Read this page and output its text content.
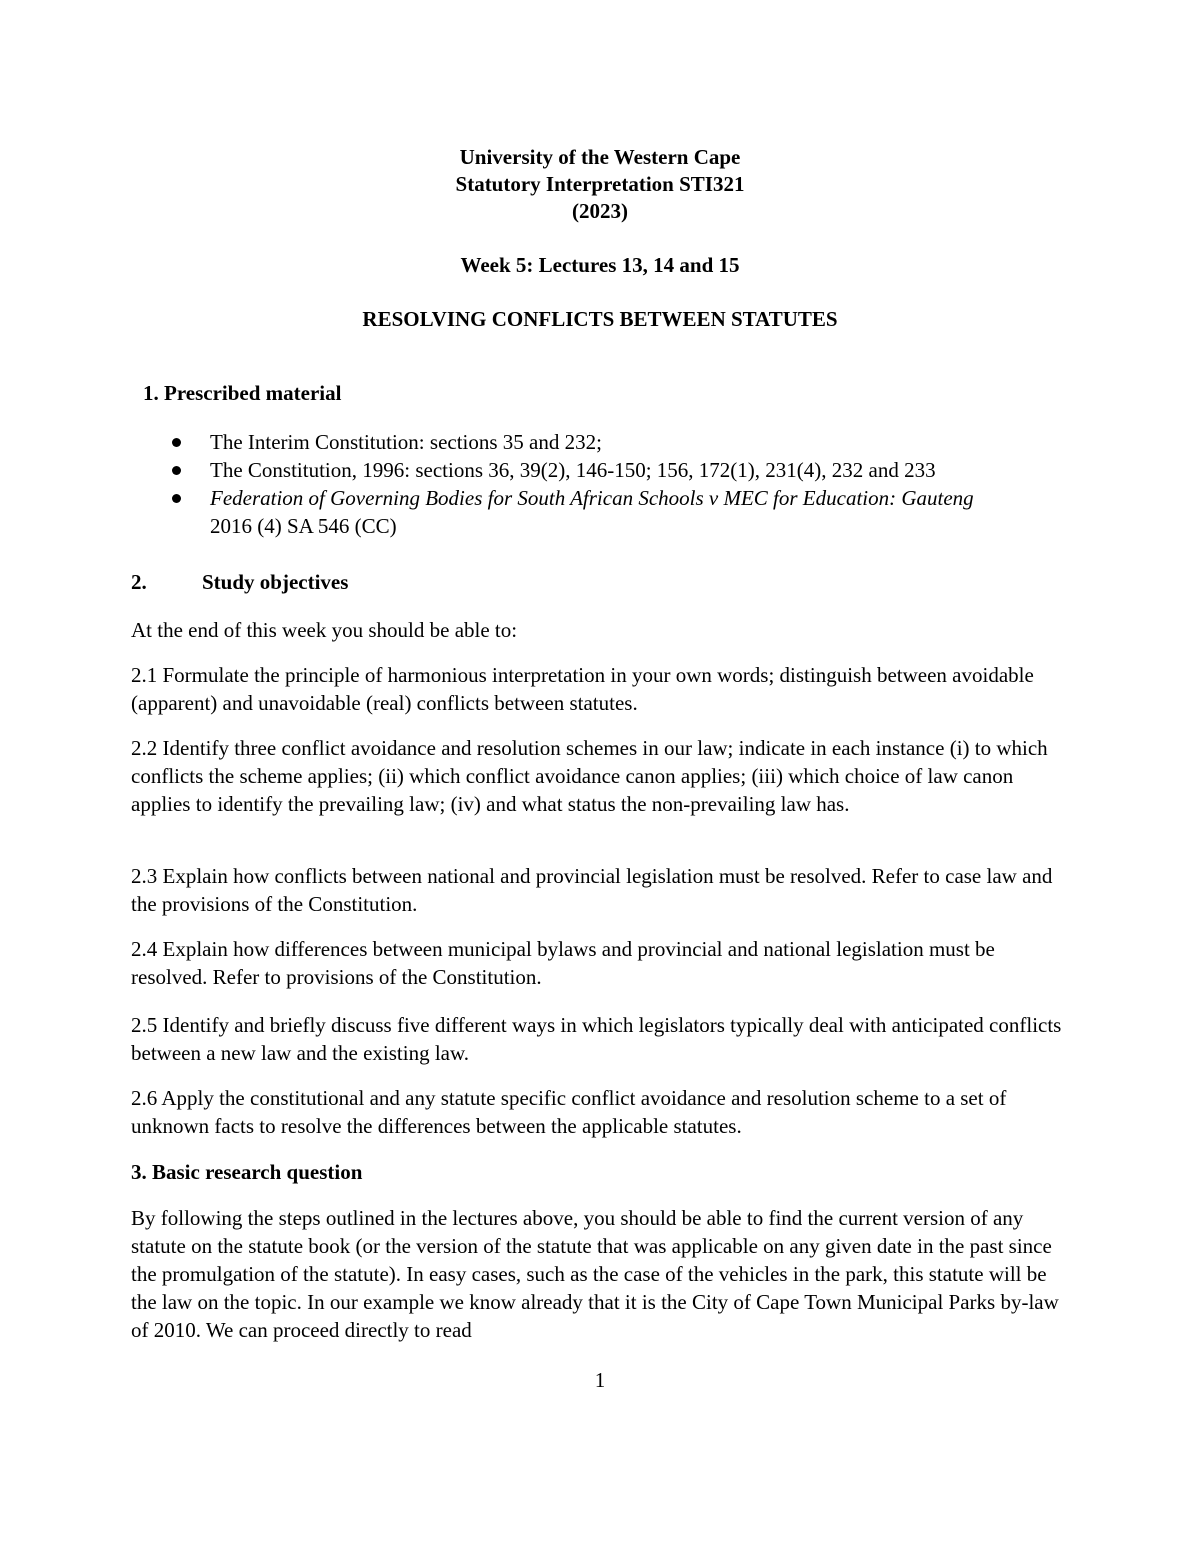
University of the Western Cape
Statutory Interpretation STI321
(2023)
Week 5: Lectures 13, 14 and 15
RESOLVING CONFLICTS BETWEEN STATUTES
1. Prescribed material
The Interim Constitution: sections 35 and 232;
The Constitution, 1996: sections 36, 39(2), 146-150; 156, 172(1), 231(4), 232 and 233
Federation of Governing Bodies for South African Schools v MEC for Education: Gauteng
2016 (4) SA 546 (CC)
2.	Study objectives

At the end of this week you should be able to:

2.1 Formulate the principle of harmonious interpretation in your own words; distinguish between avoidable (apparent) and unavoidable (real) conflicts between statutes.

2.2 Identify three conflict avoidance and resolution schemes in our law; indicate in each instance (i) to which conflicts the scheme applies; (ii) which conflict avoidance canon applies; (iii) which choice of law canon applies to identify the prevailing law; (iv) and what status the non-prevailing law has.

2.3 Explain how conflicts between national and provincial legislation must be resolved. Refer to case law and the provisions of the Constitution.

2.4 Explain how differences between municipal bylaws and provincial and national legislation must be resolved. Refer to provisions of the Constitution.

2.5 Identify and briefly discuss five different ways in which legislators typically deal with anticipated conflicts between a new law and the existing law.

2.6 Apply the constitutional and any statute specific conflict avoidance and resolution scheme to a set of unknown facts to resolve the differences between the applicable statutes.

3. Basic research question

By following the steps outlined in the lectures above, you should be able to find the current version of any statute on the statute book (or the version of the statute that was applicable on any given date in the past since the promulgation of the statute). In easy cases, such as the case of the vehicles in the park, this statute will be the law on the topic. In our example we know already that it is the City of Cape Town Municipal Parks by-law of 2010. We can proceed directly to read

1
